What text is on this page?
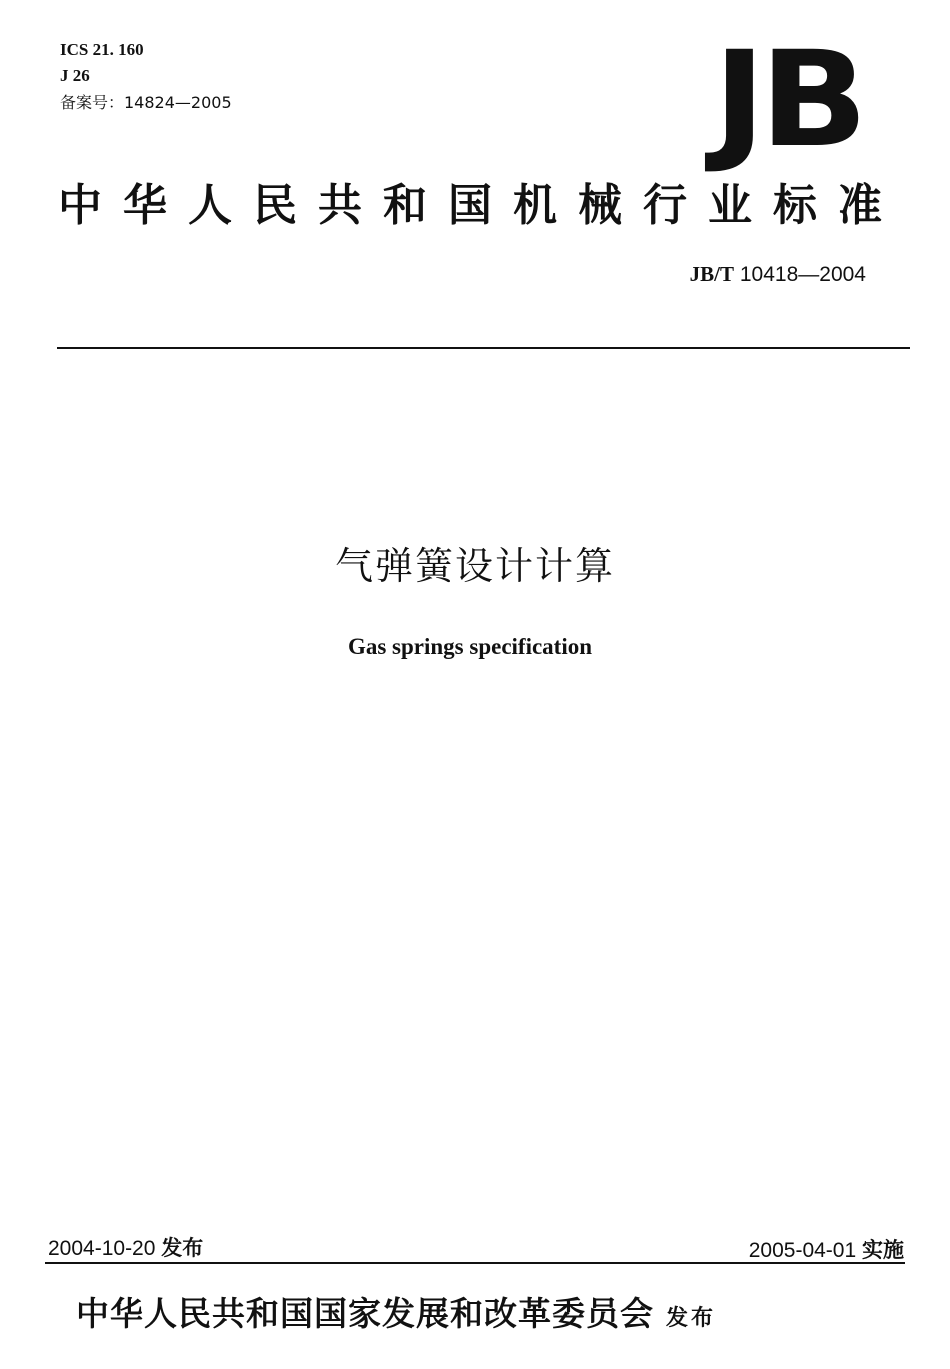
ICS 21. 160
J 26
备案号：14824—2005	JB
中华人民共和国机械行业标准
JB/T 10418—2004
气弹簧设计计算
Gas springs specification
2004-10-20 发布	2005-04-01 实施
中华人民共和国国家发展和改革委员会 发布
